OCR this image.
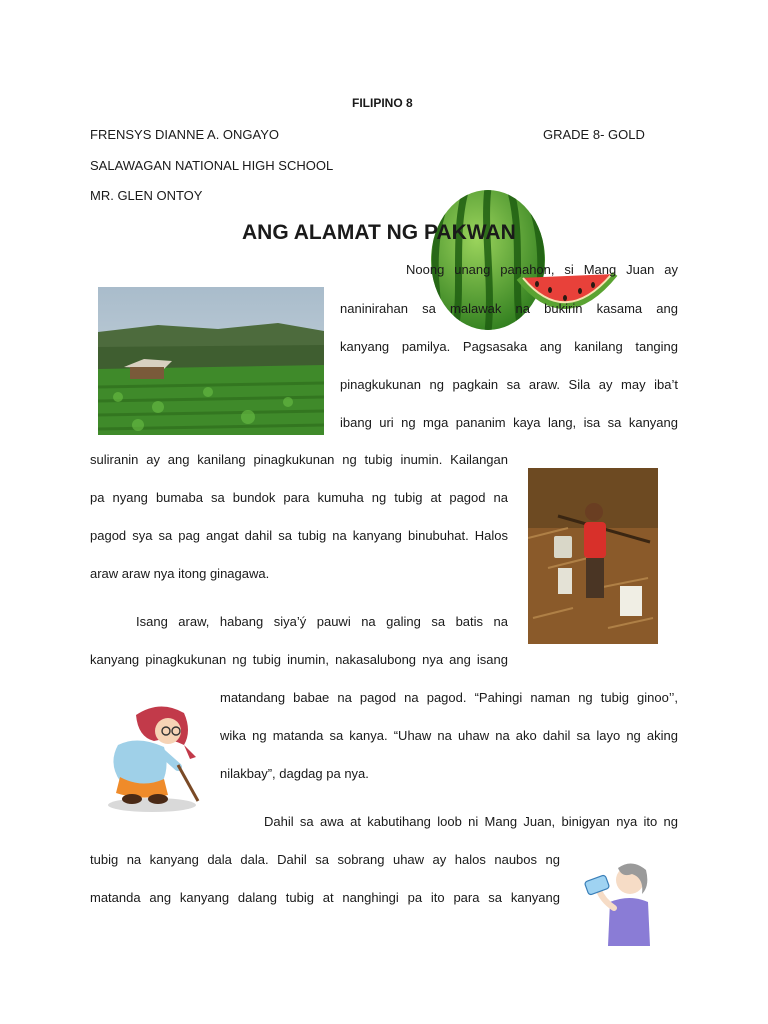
FILIPINO 8
FRENSYS DIANNE A. ONGAYO	GRADE 8- GOLD
SALAWAGAN NATIONAL HIGH SCHOOL
MR. GLEN ONTOY
ANG ALAMAT NG PAKWAN
Noong unang panahon, si Mang Juan ay
naninirahan sa malawak na bukirin kasama ang
kanyang pamilya. Pagsasaka ang kanilang tanging
pinagkukunan ng pagkain sa araw. Sila ay may iba’t
ibang uri ng mga pananim kaya lang, isa sa kanyang
suliranin ay ang kanilang pinagkukunan ng tubig inumin. Kailangan
pa nyang bumaba sa bundok para kumuha ng tubig at pagod na
pagod sya sa pag angat dahil sa tubig na kanyang binubuhat. Halos
araw araw nya itong ginagawa.
Isang araw, habang siya’ý pauwi na galing sa batis na
kanyang pinagkukunan ng tubig inumin, nakasalubong nya ang isang
matandang babae na pagod na pagod. “Pahingi naman ng tubig ginoo’’,
wika ng matanda sa kanya. “Uhaw na uhaw na ako dahil sa layo ng aking
nilakbay”, dagdag pa nya.
Dahil sa awa at kabutihang loob ni Mang Juan, binigyan nya ito ng
tubig na kanyang dala dala. Dahil sa sobrang uhaw ay halos naubos ng
matanda ang kanyang dalang tubig at nanghingi pa ito para sa kanyang
